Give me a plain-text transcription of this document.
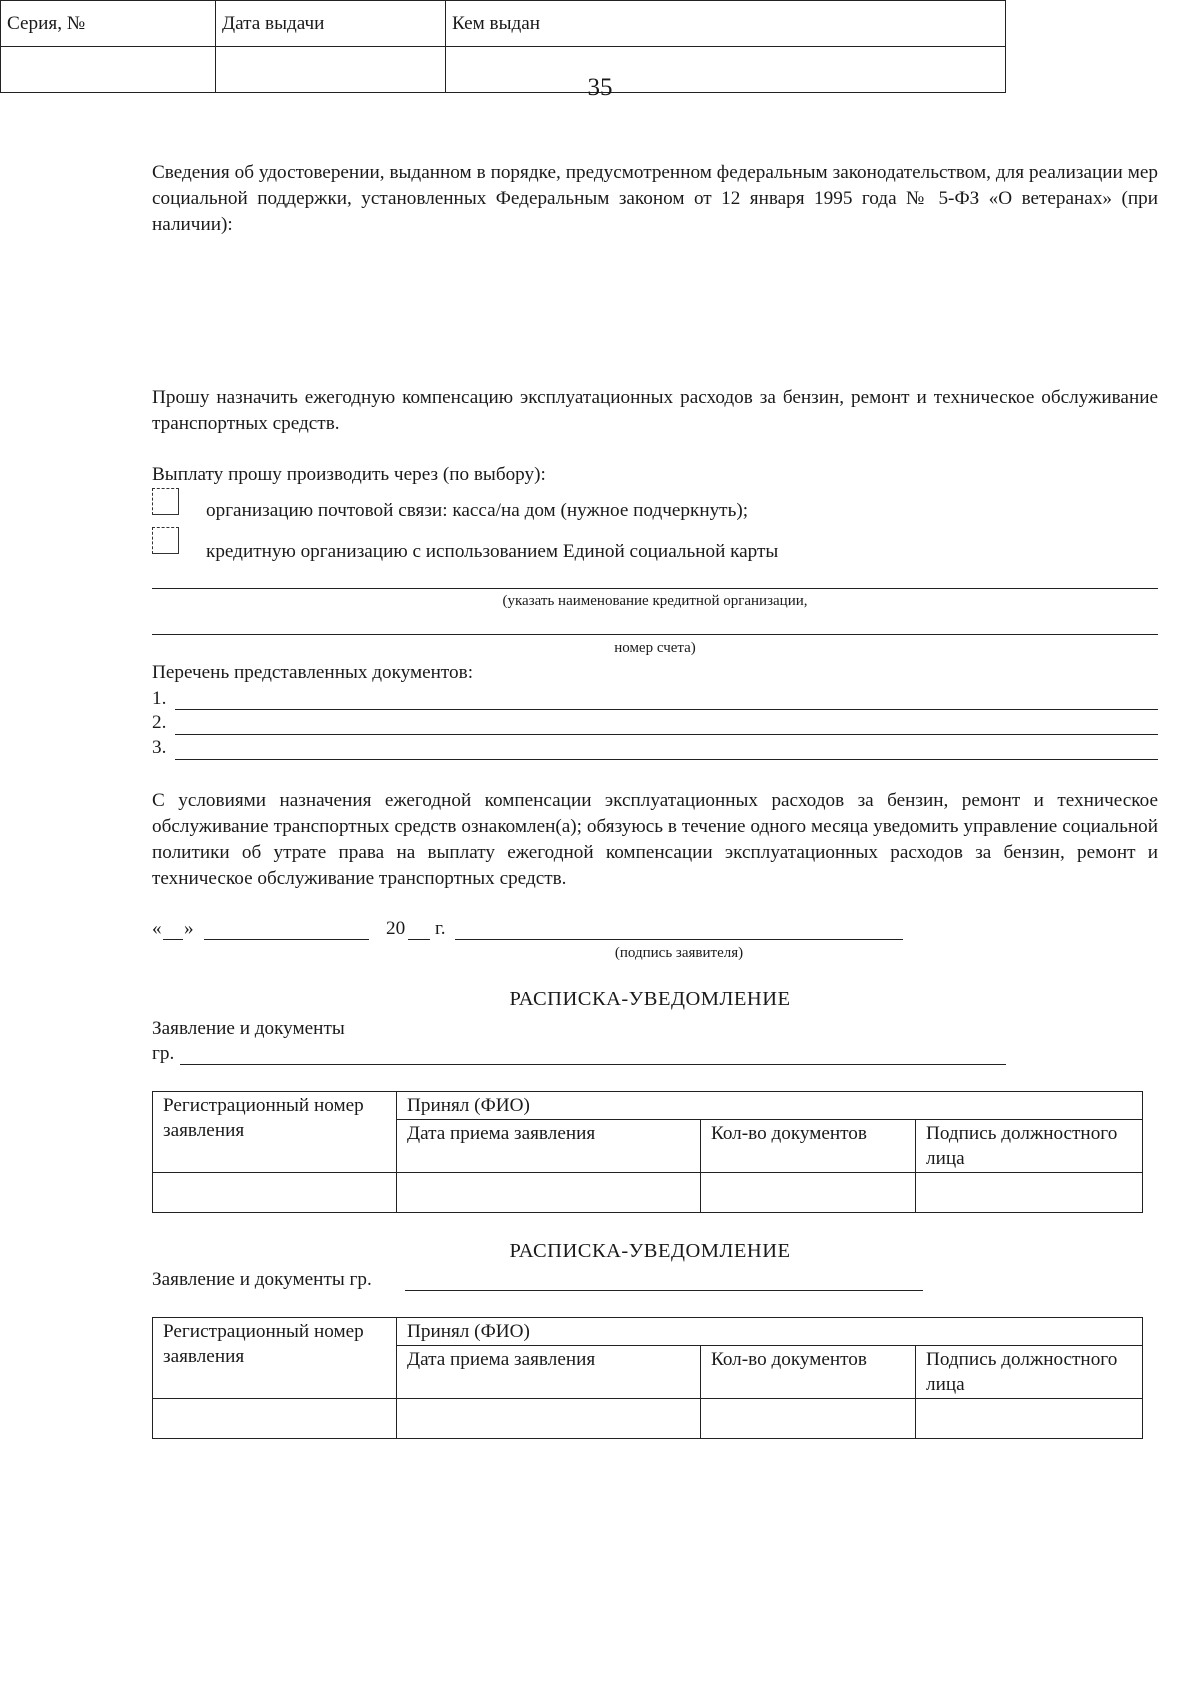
35
Сведения об удостоверении, выданном в порядке, предусмотренном федеральным законодательством, для реализации мер социальной поддержки, установленных Федеральным законом от 12 января 1995 года № 5-ФЗ «О ветеранах» (при наличии):
Серия, №	Дата выдачи	Кем выдан

Прошу назначить ежегодную компенсацию эксплуатационных расходов за бензин, ремонт и техническое обслуживание транспортных средств.
Выплату прошу производить через (по выбору):
организацию почтовой связи: касса/на дом (нужное подчеркнуть);
кредитную организацию с использованием Единой социальной карты
(указать наименование кредитной организации,
номер счета)
Перечень представленных документов:
1.
2.
3.
С условиями назначения ежегодной компенсации эксплуатационных расходов за бензин, ремонт и техническое обслуживание транспортных средств ознакомлен(а); обязуюсь в течение одного месяца уведомить управление социальной политики об утрате права на выплату ежегодной компенсации эксплуатационных расходов за бензин, ремонт и техническое обслуживание транспортных средств.
« »	20 г.
(подпись заявителя)
РАСПИСКА-УВЕДОМЛЕНИЕ
Заявление и документы
гр.
Регистрационный номер заявления	Принял (ФИО)		
	Дата приема заявления	Кол-во документов	Подпись должностного лица

РАСПИСКА-УВЕДОМЛЕНИЕ
Заявление и документы гр.
Регистрационный номер заявления	Принял (ФИО)		
	Дата приема заявления	Кол-во документов	Подпись должностного лица
